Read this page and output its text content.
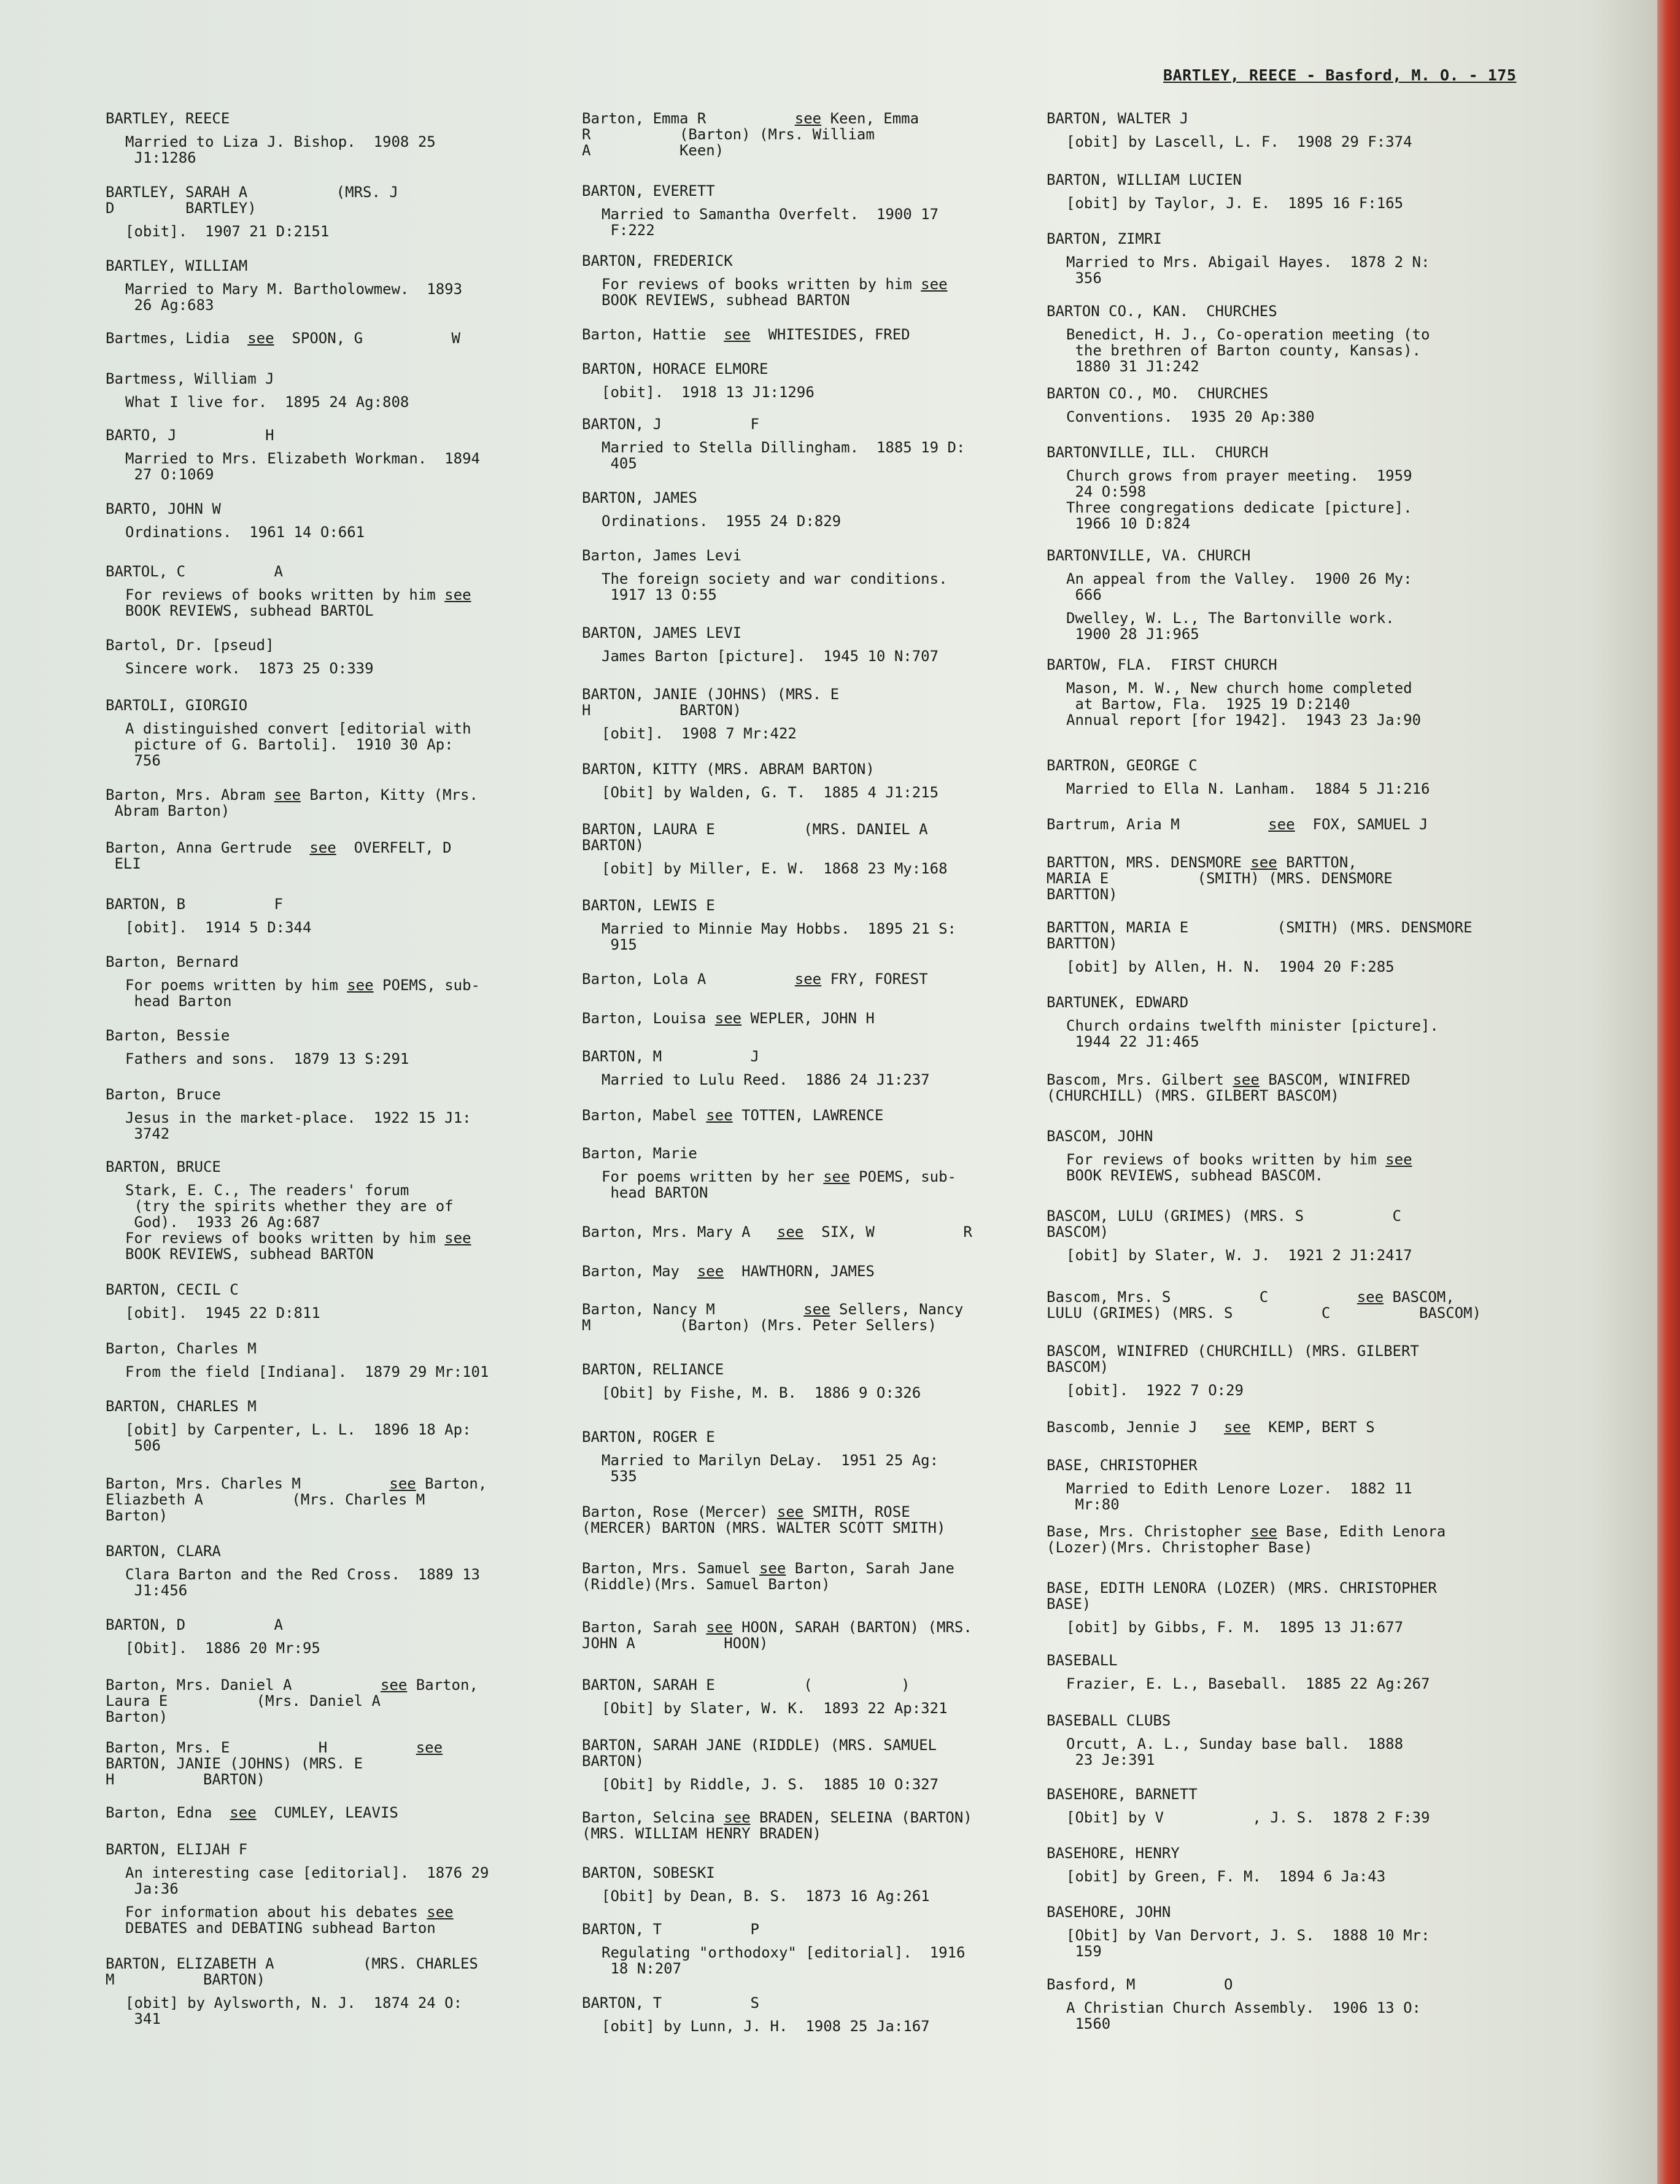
BARTLEY, REECE - Basford, M. O. - 175
BARTLEY, REECE
Married to Liza J. Bishop.  1908 25
J1:1286
BARTLEY, SARAH A          (MRS. J
D        BARTLEY)
[obit].  1907 21 D:2151
BARTLEY, WILLIAM
Married to Mary M. Bartholowmew.  1893
26 Ag:683
Bartmes, Lidia  see  SPOON, G          W
Bartmess, William J
What I live for.  1895 24 Ag:808
BARTO, J          H
Married to Mrs. Elizabeth Workman.  1894
27 O:1069
BARTO, JOHN W
Ordinations.  1961 14 O:661
BARTOL, C          A
For reviews of books written by him see
BOOK REVIEWS, subhead BARTOL
Bartol, Dr. [pseud]
Sincere work.  1873 25 O:339
BARTOLI, GIORGIO
A distinguished convert [editorial with
picture of G. Bartoli].  1910 30 Ap:
756
Barton, Mrs. Abram see Barton, Kitty (Mrs.
Abram Barton)
Barton, Anna Gertrude  see  OVERFELT, D
ELI
BARTON, B          F
[obit].  1914 5 D:344
Barton, Bernard
For poems written by him see POEMS, sub-
head Barton
Barton, Bessie
Fathers and sons.  1879 13 S:291
Barton, Bruce
Jesus in the market-place.  1922 15 J1:
3742
BARTON, BRUCE
Stark, E. C., The readers' forum
(try the spirits whether they are of
God).  1933 26 Ag:687
For reviews of books written by him see
BOOK REVIEWS, subhead BARTON
BARTON, CECIL C
[obit].  1945 22 D:811
Barton, Charles M
From the field [Indiana].  1879 29 Mr:101
BARTON, CHARLES M
[obit] by Carpenter, L. L.  1896 18 Ap:
506
Barton, Mrs. Charles M          see Barton,
Eliazbeth A          (Mrs. Charles M
Barton)
BARTON, CLARA
Clara Barton and the Red Cross.  1889 13
J1:456
BARTON, D          A
[Obit].  1886 20 Mr:95
Barton, Mrs. Daniel A          see Barton,
Laura E          (Mrs. Daniel A
Barton)
Barton, Mrs. E          H          see
BARTON, JANIE (JOHNS) (MRS. E
H          BARTON)
Barton, Edna  see  CUMLEY, LEAVIS
BARTON, ELIJAH F
An interesting case [editorial].  1876 29
Ja:36
For information about his debates see
DEBATES and DEBATING subhead Barton
BARTON, ELIZABETH A          (MRS. CHARLES
M          BARTON)
[obit] by Aylsworth, N. J.  1874 24 O:
341
Barton, Emma R          see Keen, Emma
R          (Barton) (Mrs. William
A          Keen)
BARTON, EVERETT
Married to Samantha Overfelt.  1900 17
F:222
BARTON, FREDERICK
For reviews of books written by him see
BOOK REVIEWS, subhead BARTON
Barton, Hattie  see  WHITESIDES, FRED
BARTON, HORACE ELMORE
[obit].  1918 13 J1:1296
BARTON, J          F
Married to Stella Dillingham.  1885 19 D:
405
BARTON, JAMES
Ordinations.  1955 24 D:829
Barton, James Levi
The foreign society and war conditions.
1917 13 O:55
BARTON, JAMES LEVI
James Barton [picture].  1945 10 N:707
BARTON, JANIE (JOHNS) (MRS. E
H          BARTON)
[obit].  1908 7 Mr:422
BARTON, KITTY (MRS. ABRAM BARTON)
[Obit] by Walden, G. T.  1885 4 J1:215
BARTON, LAURA E          (MRS. DANIEL A
BARTON)
[obit] by Miller, E. W.  1868 23 My:168
BARTON, LEWIS E
Married to Minnie May Hobbs.  1895 21 S:
915
Barton, Lola A          see FRY, FOREST
Barton, Louisa see WEPLER, JOHN H
BARTON, M          J
Married to Lulu Reed.  1886 24 J1:237
Barton, Mabel see TOTTEN, LAWRENCE
Barton, Marie
For poems written by her see POEMS, sub-
head BARTON
Barton, Mrs. Mary A   see  SIX, W          R
Barton, May  see  HAWTHORN, JAMES
Barton, Nancy M          see Sellers, Nancy
M          (Barton) (Mrs. Peter Sellers)
BARTON, RELIANCE
[Obit] by Fishe, M. B.  1886 9 O:326
BARTON, ROGER E
Married to Marilyn DeLay.  1951 25 Ag:
535
Barton, Rose (Mercer) see SMITH, ROSE
(MERCER) BARTON (MRS. WALTER SCOTT SMITH)
Barton, Mrs. Samuel see Barton, Sarah Jane
(Riddle)(Mrs. Samuel Barton)
Barton, Sarah see HOON, SARAH (BARTON) (MRS.
JOHN A          HOON)
BARTON, SARAH E          (          )
[Obit] by Slater, W. K.  1893 22 Ap:321
BARTON, SARAH JANE (RIDDLE) (MRS. SAMUEL
BARTON)
[Obit] by Riddle, J. S.  1885 10 O:327
Barton, Selcina see BRADEN, SELEINA (BARTON)
(MRS. WILLIAM HENRY BRADEN)
BARTON, SOBESKI
[Obit] by Dean, B. S.  1873 16 Ag:261
BARTON, T          P
Regulating "orthodoxy" [editorial].  1916
18 N:207
BARTON, T          S
[obit] by Lunn, J. H.  1908 25 Ja:167
BARTON, WALTER J
[obit] by Lascell, L. F.  1908 29 F:374
BARTON, WILLIAM LUCIEN
[obit] by Taylor, J. E.  1895 16 F:165
BARTON, ZIMRI
Married to Mrs. Abigail Hayes.  1878 2 N:
356
BARTON CO., KAN.  CHURCHES
Benedict, H. J., Co-operation meeting (to
the brethren of Barton county, Kansas).
1880 31 J1:242
BARTON CO., MO.  CHURCHES
Conventions.  1935 20 Ap:380
BARTONVILLE, ILL.  CHURCH
Church grows from prayer meeting.  1959
24 O:598
Three congregations dedicate [picture].
1966 10 D:824
BARTONVILLE, VA. CHURCH
An appeal from the Valley.  1900 26 My:
666
Dwelley, W. L., The Bartonville work.
1900 28 J1:965
BARTOW, FLA.  FIRST CHURCH
Mason, M. W., New church home completed
at Bartow, Fla.  1925 19 D:2140
Annual report [for 1942].  1943 23 Ja:90
BARTRON, GEORGE C
Married to Ella N. Lanham.  1884 5 J1:216
Bartrum, Aria M          see  FOX, SAMUEL J
BARTTON, MRS. DENSMORE see BARTTON,
MARIA E          (SMITH) (MRS. DENSMORE
BARTTON)
BARTTON, MARIA E          (SMITH) (MRS. DENSMORE
BARTTON)
[obit] by Allen, H. N.  1904 20 F:285
BARTUNEK, EDWARD
Church ordains twelfth minister [picture].
1944 22 J1:465
Bascom, Mrs. Gilbert see BASCOM, WINIFRED
(CHURCHILL) (MRS. GILBERT BASCOM)
BASCOM, JOHN
For reviews of books written by him see
BOOK REVIEWS, subhead BASCOM.
BASCOM, LULU (GRIMES) (MRS. S          C
BASCOM)
[obit] by Slater, W. J.  1921 2 J1:2417
Bascom, Mrs. S          C          see BASCOM,
LULU (GRIMES) (MRS. S          C          BASCOM)
BASCOM, WINIFRED (CHURCHILL) (MRS. GILBERT
BASCOM)
[obit].  1922 7 O:29
Bascomb, Jennie J   see  KEMP, BERT S
BASE, CHRISTOPHER
Married to Edith Lenore Lozer.  1882 11
Mr:80
Base, Mrs. Christopher see Base, Edith Lenora
(Lozer)(Mrs. Christopher Base)
BASE, EDITH LENORA (LOZER) (MRS. CHRISTOPHER
BASE)
[obit] by Gibbs, F. M.  1895 13 J1:677
BASEBALL
Frazier, E. L., Baseball.  1885 22 Ag:267
BASEBALL CLUBS
Orcutt, A. L., Sunday base ball.  1888
23 Je:391
BASEHORE, BARNETT
[Obit] by V          , J. S.  1878 2 F:39
BASEHORE, HENRY
[obit] by Green, F. M.  1894 6 Ja:43
BASEHORE, JOHN
[Obit] by Van Dervort, J. S.  1888 10 Mr:
159
Basford, M          O
A Christian Church Assembly.  1906 13 O:
1560
